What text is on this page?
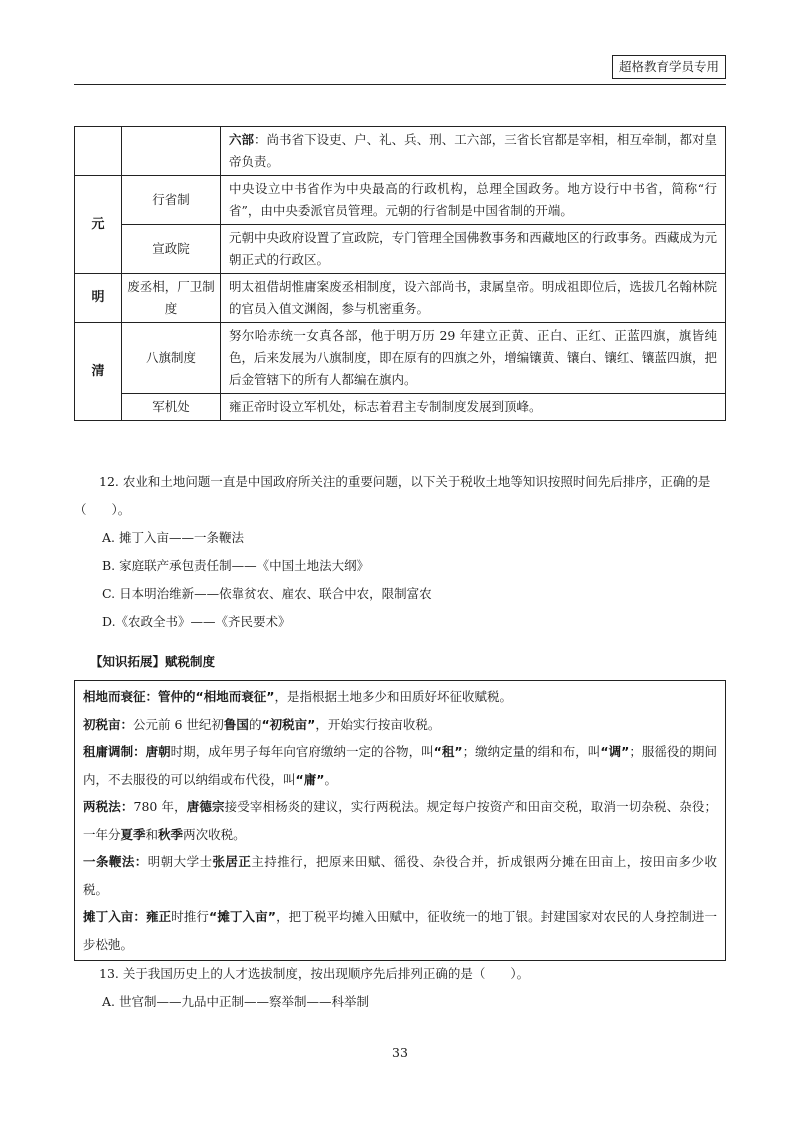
超格教育学员专用
		六部：尚书省下设吏、户、礼、兵、刑、工六部，三省长官都是宰相，相互牵制，都对皇帝负责。
元	行省制	中央设立中书省作为中央最高的行政机构，总理全国政务。地方设行中书省，简称“行省”，由中央委派官员管理。元朝的行省制是中国省制的开端。
	宣政院	元朝中央政府设置了宣政院，专门管理全国佛教事务和西藏地区的行政事务。西藏成为元朝正式的行政区。
明	废丞相，厂卫制度	明太祖借胡惟庸案废丞相制度，设六部尚书，隶属皇帝。明成祖即位后，选拔几名翰林院的官员入值文渊阁，参与机密重务。
清	八旗制度	努尔哈赤统一女真各部，他于明万历 29 年建立正黄、正白、正红、正蓝四旗，旗皆纯色，后来发展为八旗制度，即在原有的四旗之外，增编镶黄、镶白、镶红、镶蓝四旗，把后金管辖下的所有人都编在旗内。
	军机处	雍正帝时设立军机处，标志着君主专制制度发展到顶峰。

12. 农业和土地问题一直是中国政府所关注的重要问题，以下关于税收土地等知识按照时间先后排序，正确的是（　　）。

A. 摊丁入亩——一条鞭法

B. 家庭联产承包责任制——《中国土地法大纲》

C. 日本明治维新——依靠贫农、雇农、联合中农，限制富农

D.《农政全书》——《齐民要术》

【知识拓展】赋税制度

相地而衰征：管仲的“相地而衰征”，是指根据土地多少和田质好坏征收赋税。

初税亩：公元前 6 世纪初鲁国的“初税亩”，开始实行按亩收税。

租庸调制：唐朝时期，成年男子每年向官府缴纳一定的谷物，叫“租”；缴纳定量的绢和布，叫“调”；服徭役的期间内，不去服役的可以纳绢或布代役，叫“庸”。

两税法：780 年，唐德宗接受宰相杨炎的建议，实行两税法。规定每户按资产和田亩交税，取消一切杂税、杂役；一年分夏季和秋季两次收税。

一条鞭法：明朝大学士张居正主持推行，把原来田赋、徭役、杂役合并，折成银两分摊在田亩上，按田亩多少收税。

摊丁入亩：雍正时推行“摊丁入亩”，把丁税平均摊入田赋中，征收统一的地丁银。封建国家对农民的人身控制进一步松弛。

13. 关于我国历史上的人才选拔制度，按出现顺序先后排列正确的是（　　）。

A. 世官制——九品中正制——察举制——科举制

33
